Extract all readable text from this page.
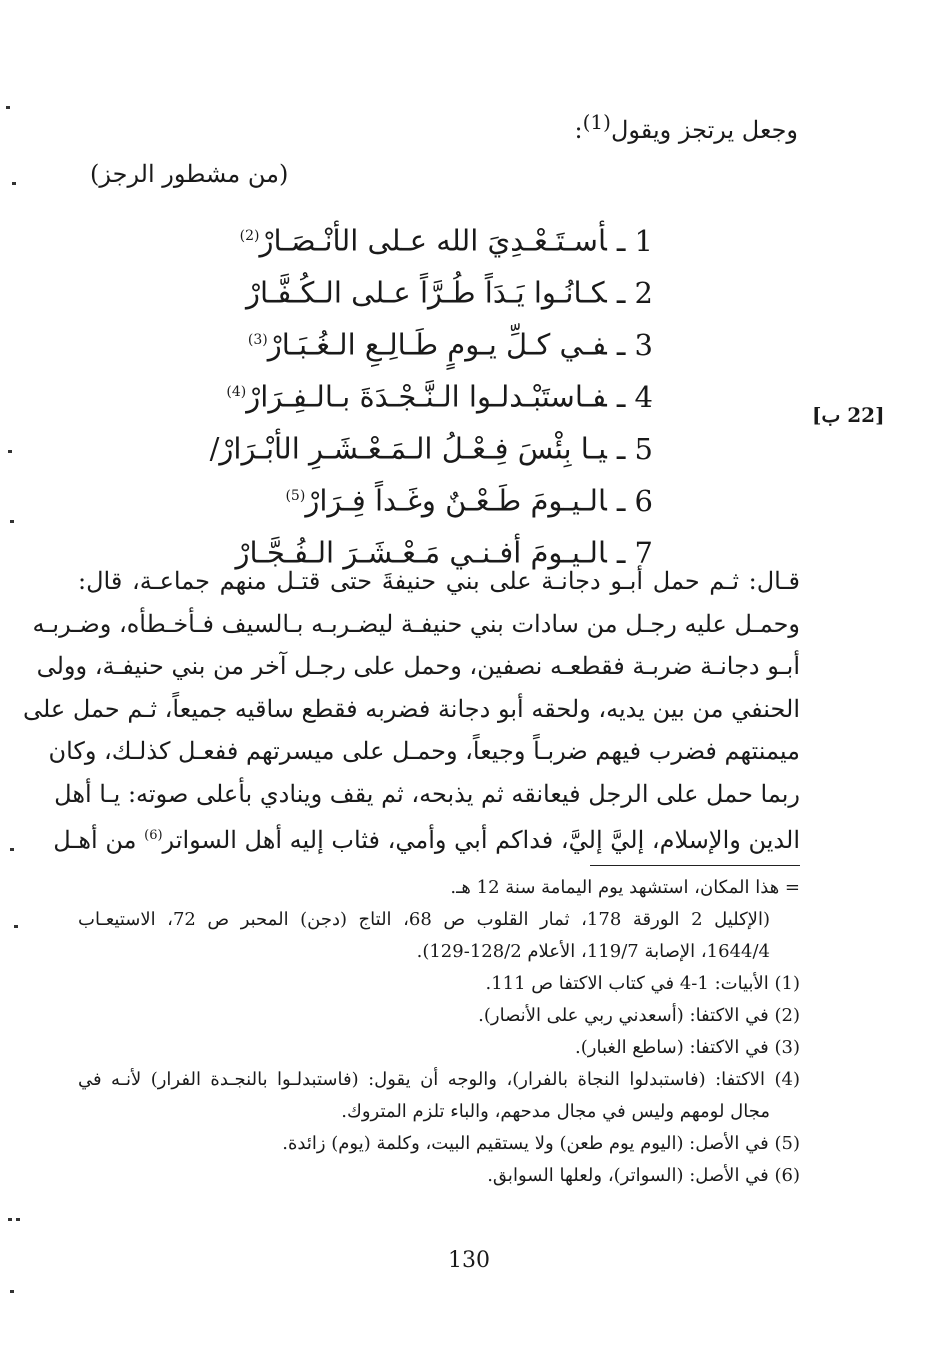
وجعل يرتجز ويقول$^{(1)}$:
(من مشطور الرجز)
1 ـأسـتَـعْـدِيَ الله عـلى الأنْـصَـارْ$^{(2)}$
2 ـكـانُـوا يَـدَاً طُـرَّاً عـلى الـكُـفَّـارْ
3 ـفـي كـلِّ يـومٍ طَـالِـعِ الـغُـبَـارْ$^{(3)}$
4 ـفـاستَبْـدلـوا الـنَّـجْـدَةَ بـالـفِـرَارْ$^{(4)}$
5 ـيـا بِئْسَ فِـعْـلُ الـمَـعْـشَـرِ الأبْـرَارْ/
6 ـالـيـومَ طَـعْـنٌ وغَـداً فِـرَارْ$^{(5)}$
7 ـالـيـومَ أفـنـي مَـعْـشَـرَ الـفُـجَّـارْ
[22 ب]
قـال: ثـم حمل أبـو دجانـة على بني حنيفةَ حتى قتـل منهم جماعـة، قال:
وحمـل عليه رجـل من سادات بني حنيفـة ليضـربـه بـالسيف فـأخـطأه، وضـربـه
أبـو دجانـة ضربـة فقطعـه نصفين، وحمل على رجـل آخر من بني حنيفـة، وولى
الحنفي من بين يديه، ولحقه أبو دجانة فضربه فقطع ساقيه جميعاً، ثـم حمل على
ميمنتهم فضرب فيهم ضربـاً وجيعاً، وحمـل على ميسرتهم ففعـل كذلـك، وكان
ربما حمل على الرجل فيعانقه ثم يذبحه، ثم يقف وينادي بأعلى صوته: يـا أهل
الدين والإسلام، إليَّ إليَّ، فداكم أبي وأمي، فثاب إليه أهل السواتر$^{(6)}$ من أهـل
= هذا المكان، استشهد يوم اليمامة سنة 12 هـ.
(الإكليل 2 الورقة 178، ثمار القلوب ص 68، التاج (دجن) المحبر ص 72، الاستيعـاب
1644/4، الإصابة 119/7، الأعلام 128/2-129).
(1) الأبيات: 1-4 في كتاب الاكتفا ص 111.
(2) في الاكتفا: (أسعدني ربي على الأنصار).
(3) في الاكتفا: (ساطع الغبار).
(4) الاكتفا: (فاستبدلوا النجاة بالفرار)، والوجه أن يقول: (فاستبدلـوا بالنجـدة الفرار) لأنـه في
مجال لومهم وليس في مجال مدحهم، والباء تلزم المتروك.
(5) في الأصل: (اليوم يوم طعن) ولا يستقيم البيت، وكلمة (يوم) زائدة.
(6) في الأصل: (السواتر)، ولعلها السوابق.
130
